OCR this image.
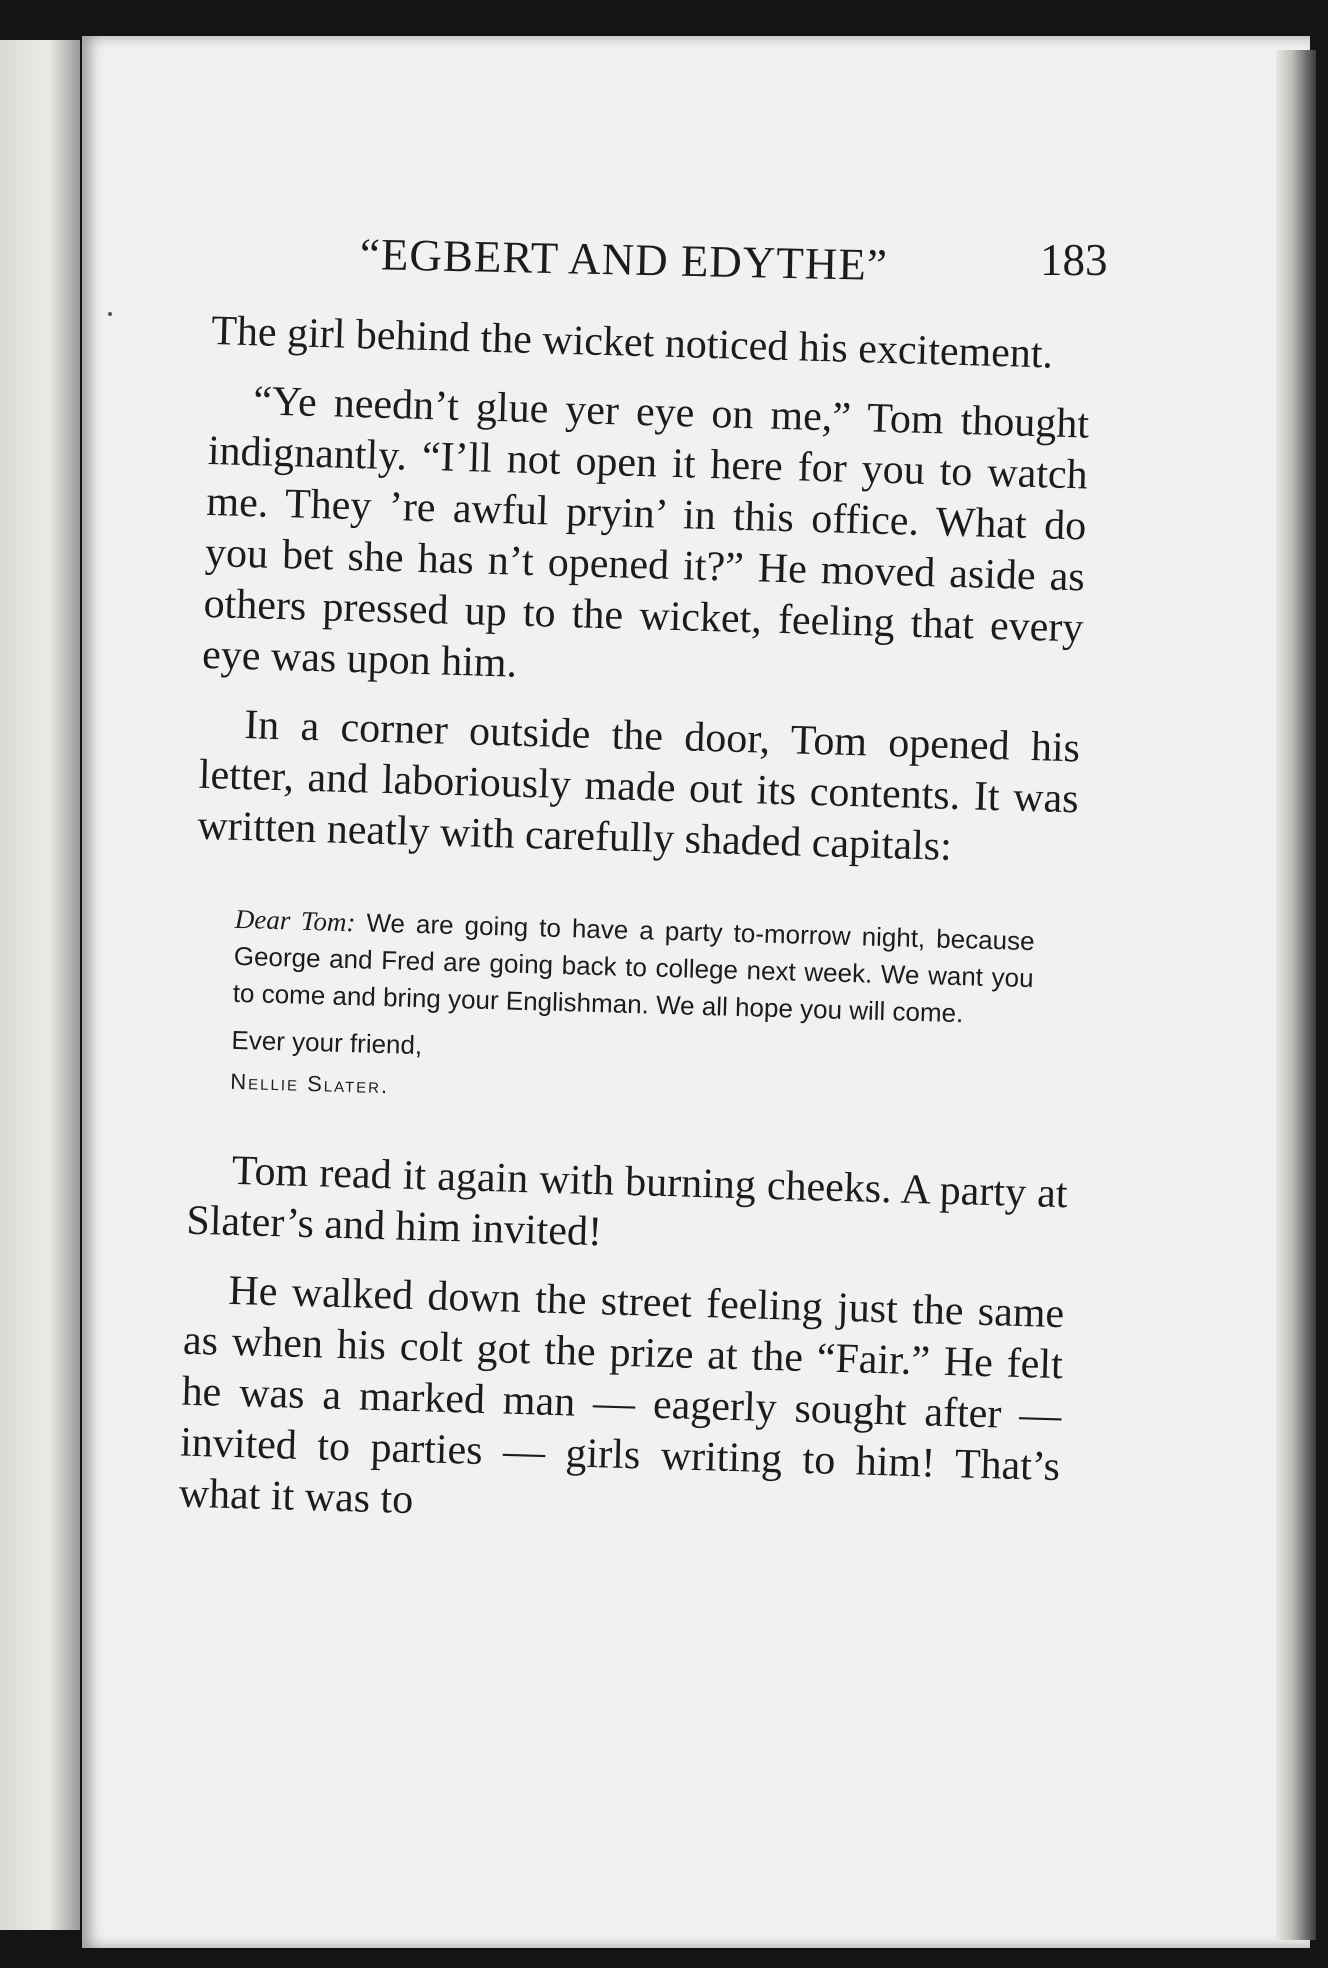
“EGBERT AND EDYTHE”	183

The girl behind the wicket noticed his excitement.

“Ye needn’t glue yer eye on me,” Tom thought indignantly. “I’ll not open it here for you to watch me. They ’re awful pryin’ in this office. What do you bet she has n’t opened it?” He moved aside as others pressed up to the wicket, feeling that every eye was upon him.

In a corner outside the door, Tom opened his letter, and laboriously made out its contents. It was written neatly with carefully shaded capitals:

Dear Tom: We are going to have a party to-morrow night, because George and Fred are going back to college next week. We want you to come and bring your Englishman. We all hope you will come.
Ever your friend,
Nellie Slater.

Tom read it again with burning cheeks. A party at Slater’s and him invited!

He walked down the street feeling just the same as when his colt got the prize at the “Fair.” He felt he was a marked man — eagerly sought after — invited to parties — girls writing to him! That’s what it was to
